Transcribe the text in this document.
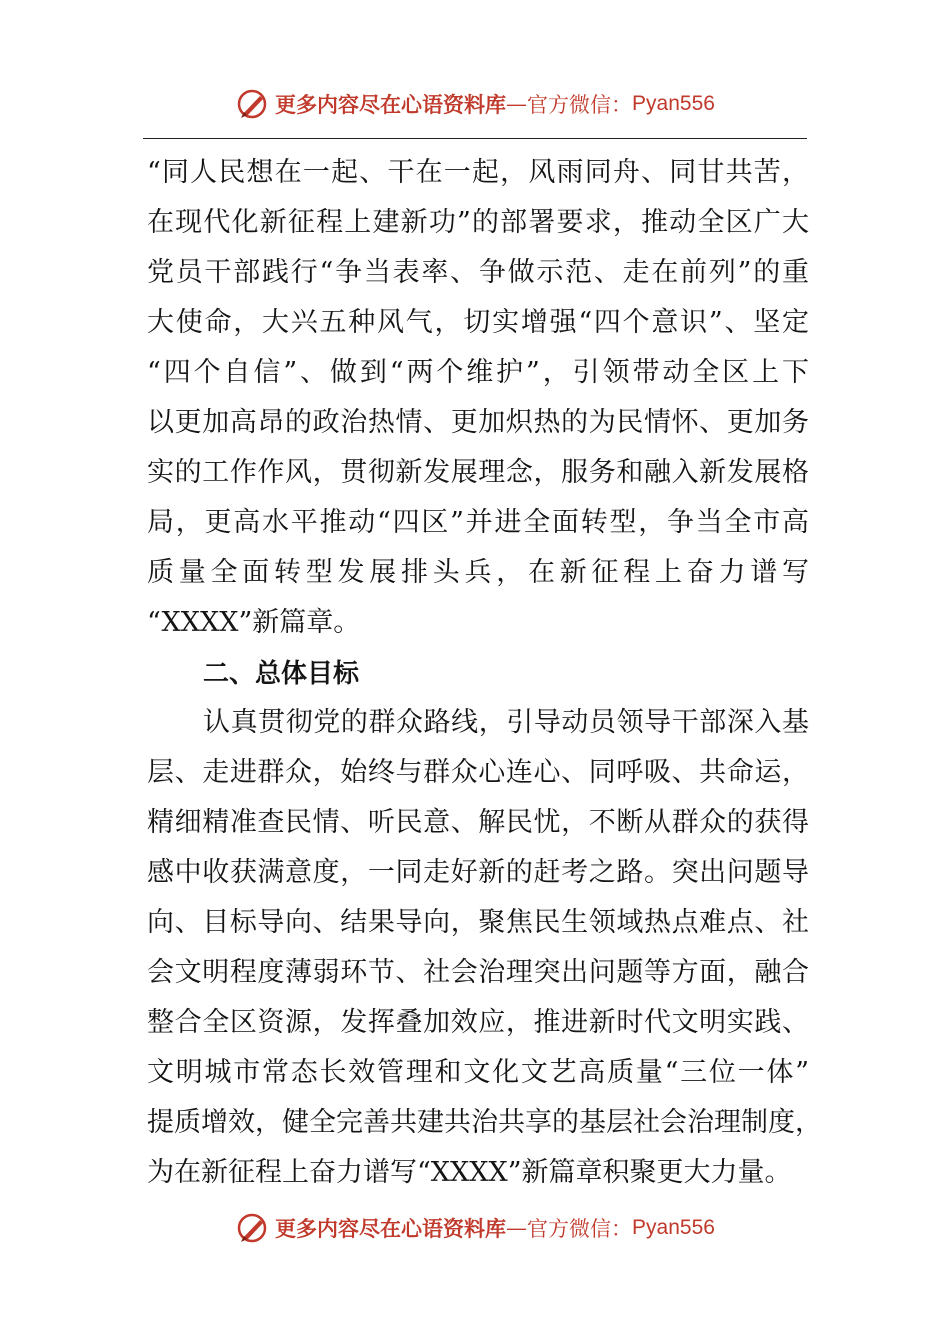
更多内容尽在心语资料库 — 官方微信： Pyan556
“同人民想在一起、干在一起，风雨同舟、同甘共苦，
在现代化新征程上建新功”的部署要求，推动全区广大
党员干部践行“争当表率、争做示范、走在前列”的重
大使命，大兴五种风气，切实增强“四个意识”、坚定
“四个自信”、做到“两个维护”，引领带动全区上下
以更加高昂的政治热情、更加炽热的为民情怀、更加务
实的工作作风，贯彻新发展理念，服务和融入新发展格
局，更高水平推动“四区”并进全面转型，争当全市高
质量全面转型发展排头兵，在新征程上奋力谱写
“XXXX”新篇章。
二、总体目标
认真贯彻党的群众路线，引导动员领导干部深入基
层、走进群众，始终与群众心连心、同呼吸、共命运，
精细精准查民情、听民意、解民忧，不断从群众的获得
感中收获满意度，一同走好新的赶考之路。突出问题导
向、目标导向、结果导向，聚焦民生领域热点难点、社
会文明程度薄弱环节、社会治理突出问题等方面，融合
整合全区资源，发挥叠加效应，推进新时代文明实践、
文明城市常态长效管理和文化文艺高质量“三位一体”
提质增效，健全完善共建共治共享的基层社会治理制度，
为在新征程上奋力谱写“XXXX”新篇章积聚更大力量。
更多内容尽在心语资料库 — 官方微信： Pyan556
